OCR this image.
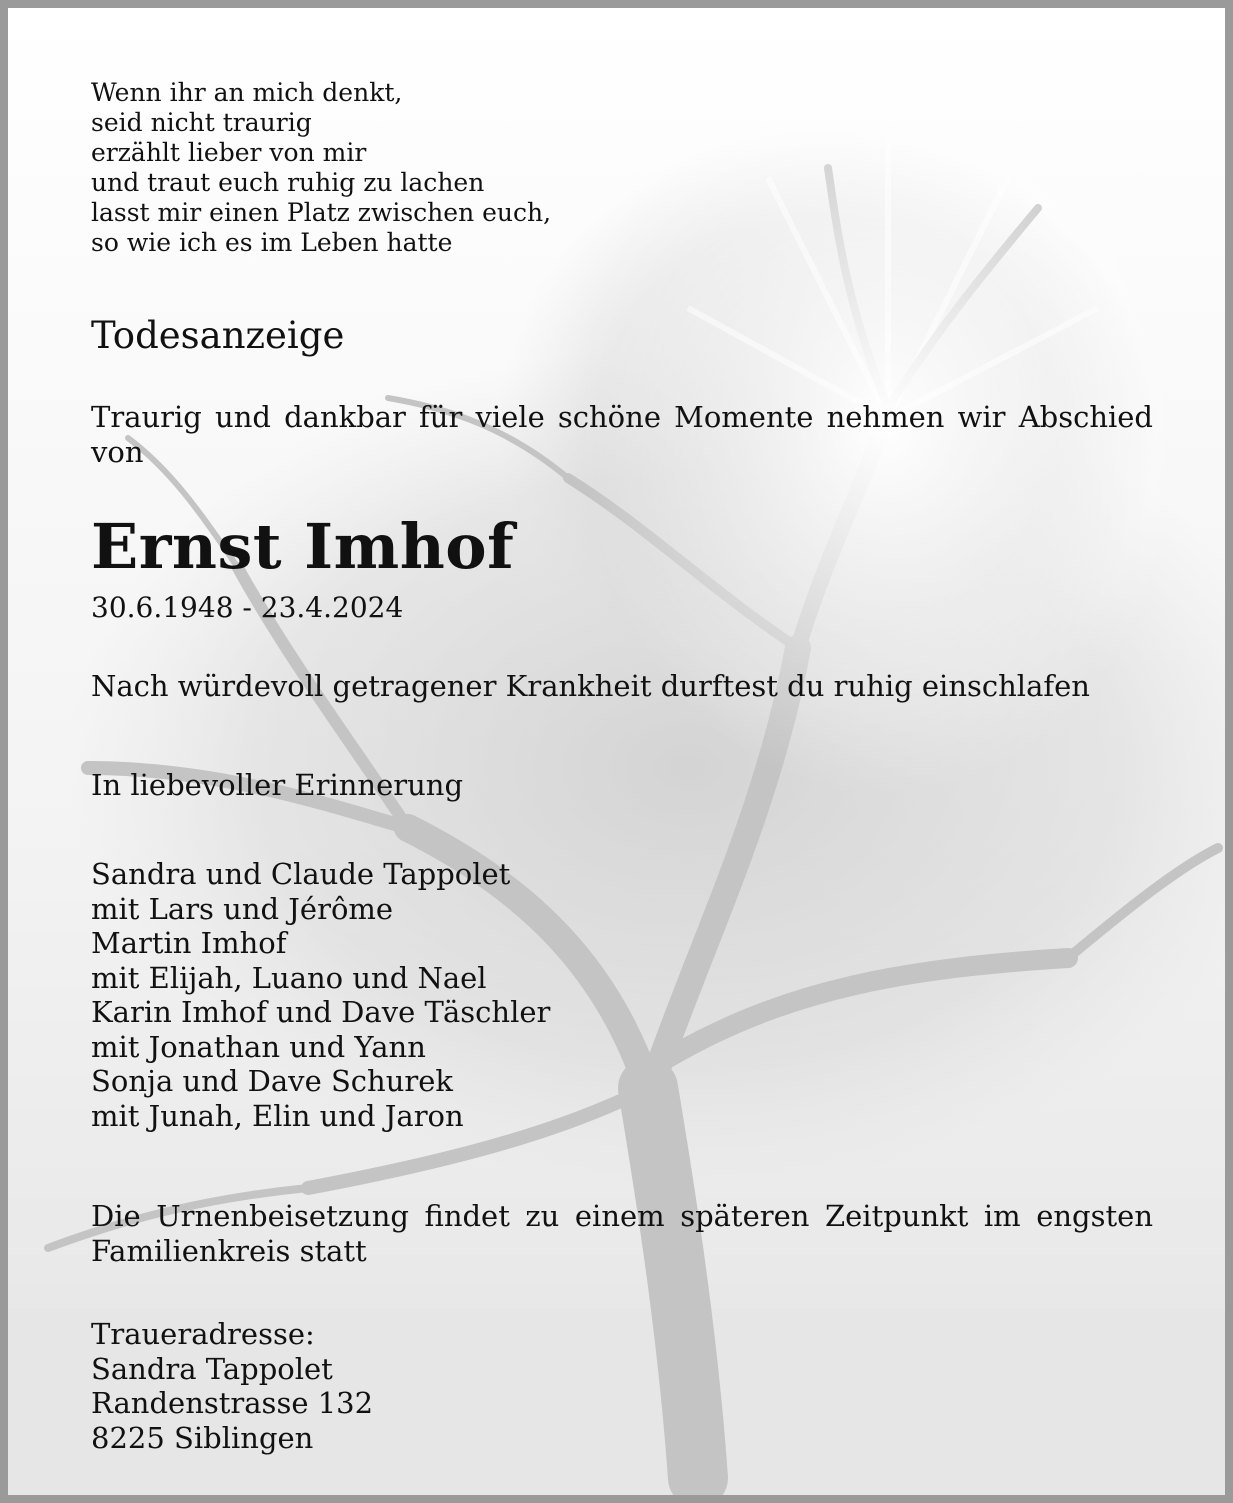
Wenn ihr an mich denkt,
seid nicht traurig
erzählt lieber von mir
und traut euch ruhig zu lachen
lasst mir einen Platz zwischen euch,
so wie ich es im Leben hatte
Todesanzeige
Traurig und dankbar für viele schöne Momente nehmen wir Abschied von
Ernst Imhof
30.6.1948 - 23.4.2024
Nach würdevoll getragener Krankheit durftest du ruhig einschlafen
In liebevoller Erinnerung
Sandra und Claude Tappolet
mit Lars und Jérôme
Martin Imhof
mit Elijah, Luano und Nael
Karin Imhof und Dave Täschler
mit Jonathan und Yann
Sonja und Dave Schurek
mit Junah, Elin und Jaron
Die Urnenbeisetzung findet zu einem späteren Zeitpunkt im engsten Familienkreis statt
Traueradresse:
Sandra Tappolet
Randenstrasse 132
8225 Siblingen
